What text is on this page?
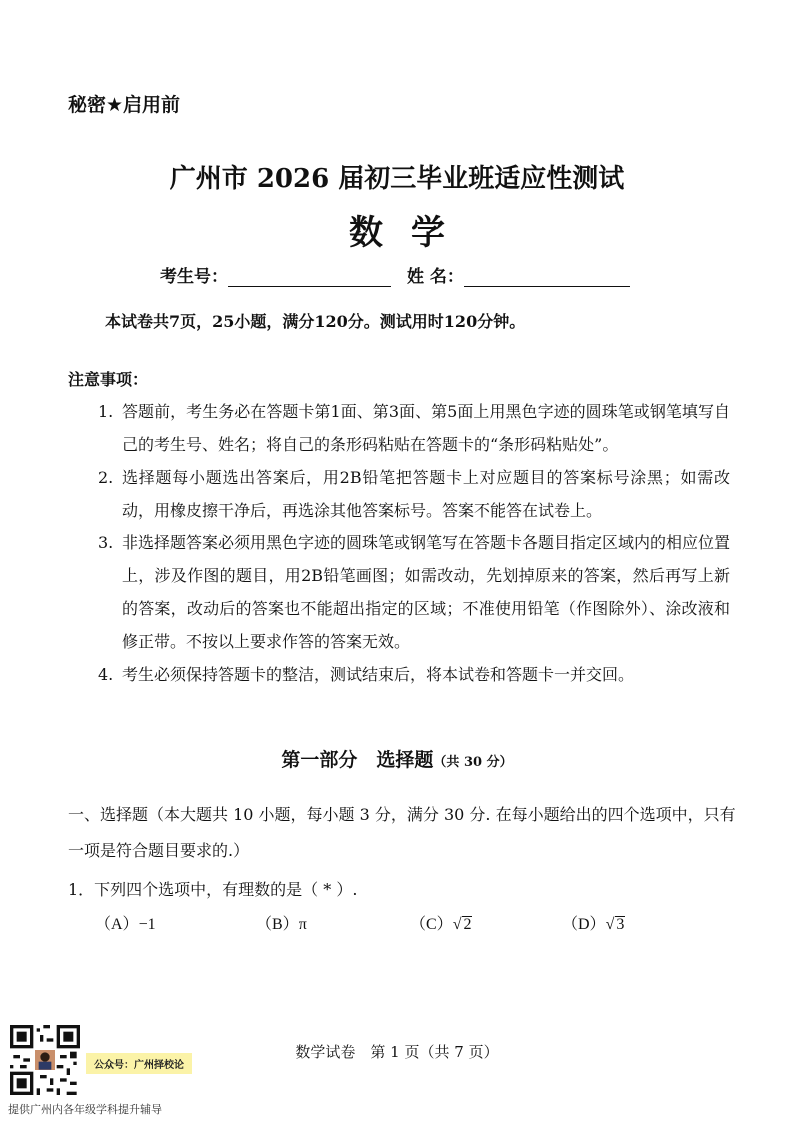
秘密★启用前
广州市 2026 届初三毕业班适应性测试
数学
考生号：	姓 名：
本试卷共7页，25小题，满分120分。测试用时120分钟。
注意事项：
1. 答题前，考生务必在答题卡第1面、第3面、第5面上用黑色字迹的圆珠笔或钢笔填写自己的考生号、姓名；将自己的条形码粘贴在答题卡的“条形码粘贴处”。
2. 选择题每小题选出答案后，用2B铅笔把答题卡上对应题目的答案标号涂黑；如需改动，用橡皮擦干净后，再选涂其他答案标号。答案不能答在试卷上。
3. 非选择题答案必须用黑色字迹的圆珠笔或钢笔写在答题卡各题目指定区域内的相应位置上，涉及作图的题目，用2B铅笔画图；如需改动，先划掉原来的答案，然后再写上新的答案，改动后的答案也不能超出指定的区域；不准使用铅笔（作图除外）、涂改液和修正带。不按以上要求作答的答案无效。
4. 考生必须保持答题卡的整洁，测试结束后，将本试卷和答题卡一并交回。
第一部分　选择题（共 30 分）
一、选择题（本大题共 10 小题，每小题 3 分，满分 30 分. 在每小题给出的四个选项中，只有一项是符合题目要求的.）
1．下列四个选项中，有理数的是（ * ）.
（A）−1	（B）π	（C）√ 2	（D）√ 3
数学试卷　第 1 页（共 7 页）
公众号：广州择校论
提供广州内各年级学科提升辅导
